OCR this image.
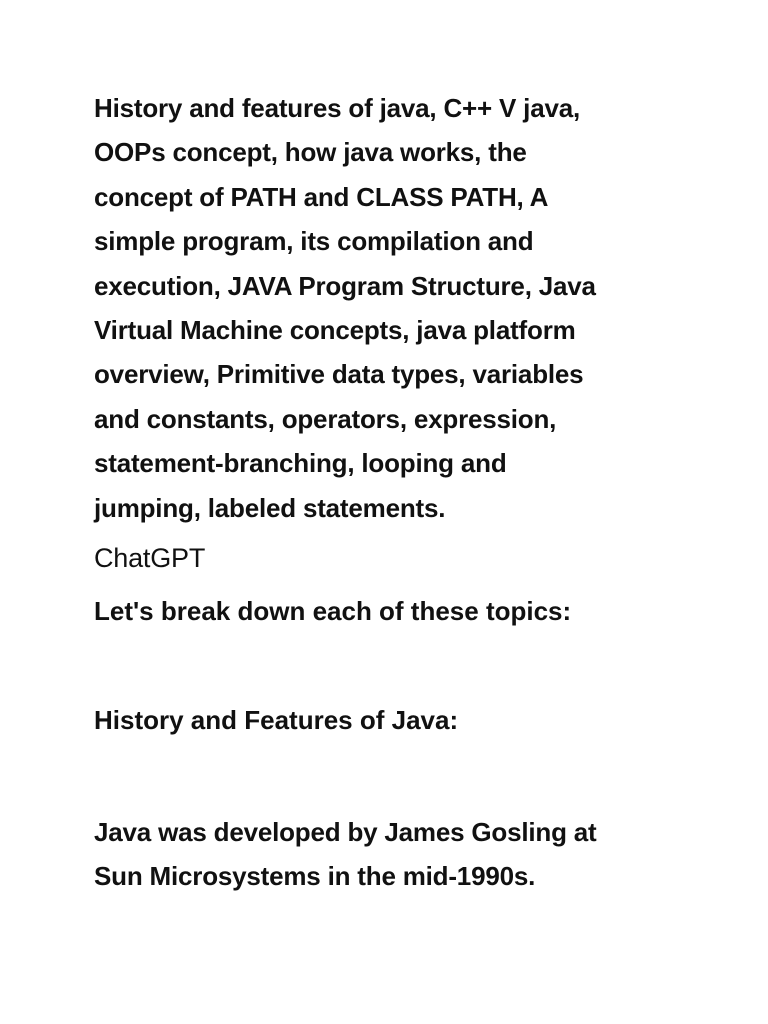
History and features of java, C++ V java,
OOPs concept, how java works, the
concept of PATH and CLASS PATH, A
simple program, its compilation and
execution, JAVA Program Structure, Java
Virtual Machine concepts, java platform
overview, Primitive data types, variables
and constants, operators, expression,
statement-branching, looping and
jumping, labeled statements.

ChatGPT

Let's break down each of these topics:

History and Features of Java:

Java was developed by James Gosling at
Sun Microsystems in the mid-1990s.
